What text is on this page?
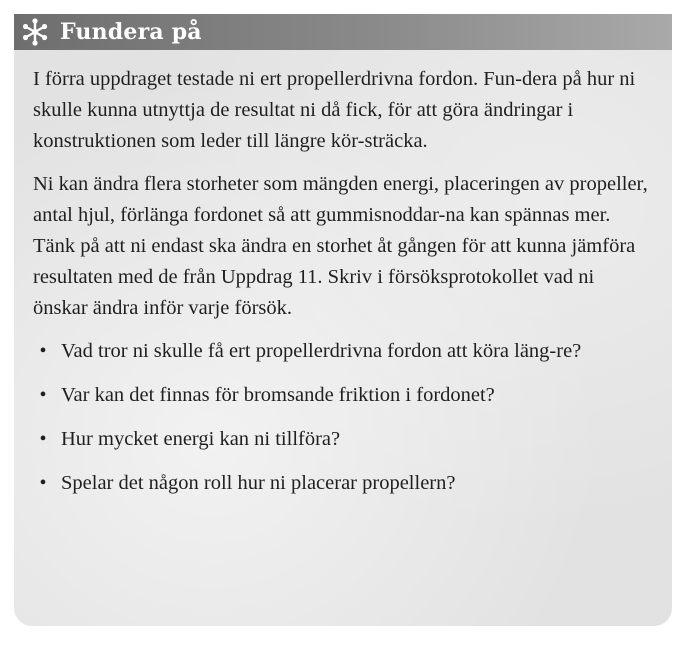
Fundera på

I förra uppdraget testade ni ert propellerdrivna fordon. Fun-dera på hur ni skulle kunna utnyttja de resultat ni då fick, för att göra ändringar i konstruktionen som leder till längre kör-sträcka.

Ni kan ändra flera storheter som mängden energi, placeringen av propeller, antal hjul, förlänga fordonet så att gummisnoddar-na kan spännas mer. Tänk på att ni endast ska ändra en storhet åt gången för att kunna jämföra resultaten med de från Uppdrag 11. Skriv i försöksprotokollet vad ni önskar ändra inför varje försök.

• Vad tror ni skulle få ert propellerdrivna fordon att köra läng-re?
• Var kan det finnas för bromsande friktion i fordonet?
• Hur mycket energi kan ni tillföra?
• Spelar det någon roll hur ni placerar propellern?
